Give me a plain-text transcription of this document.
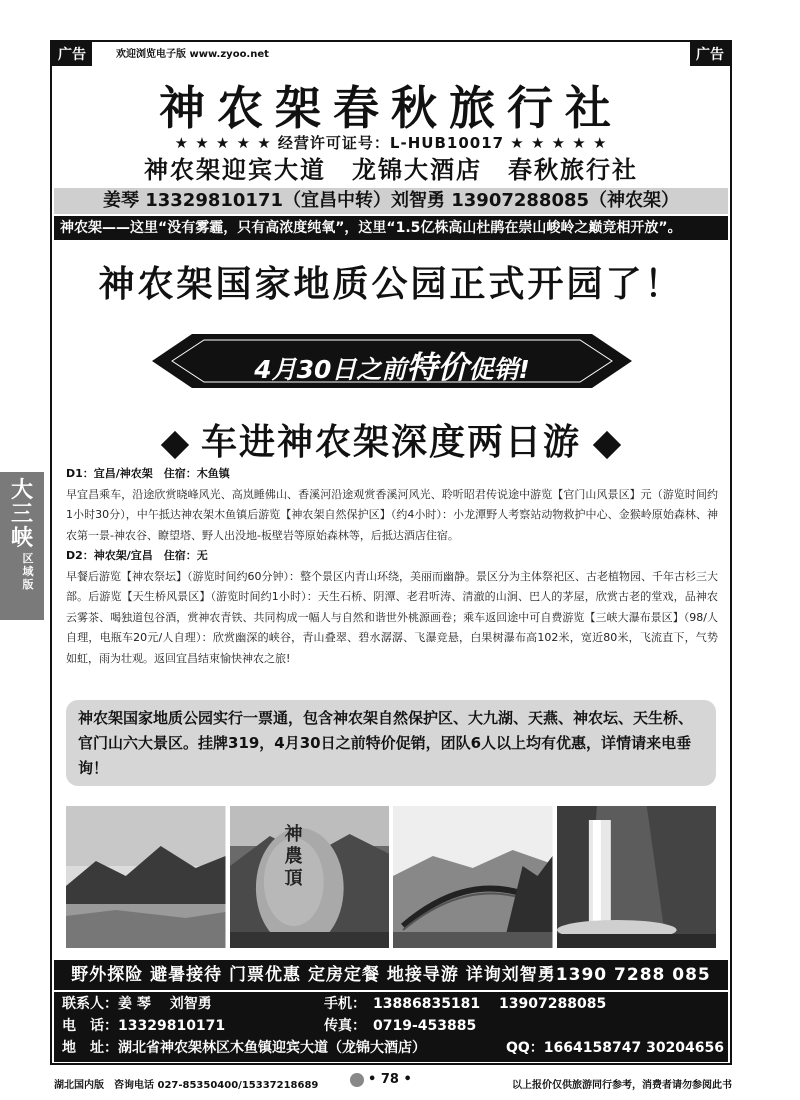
大三峡
区域版
广告	欢迎浏览电子版 www.zyoo.net	广告
神农架春秋旅行社
★ ★ ★ ★ ★ 经营许可证号：L-HUB10017 ★ ★ ★ ★ ★
神农架迎宾大道　龙锦大酒店　春秋旅行社
姜琴 13329810171（宜昌中转）刘智勇 13907288085（神农架）
神农架——这里“没有雾霾，只有高浓度纯氧”，这里“1.5亿株高山杜鹃在崇山峻岭之巅竞相开放”。
神农架国家地质公园正式开园了！
4月30日之前特价促销!
车进神农架深度两日游
D1：宜昌/神农架　住宿：木鱼镇
早宜昌乘车，沿途欣赏晓峰风光、高岚睡佛山、香溪河沿途观赏香溪河风光、聆听昭君传说途中游览【官门山风景区】元（游览时间约1小时30分），中午抵达神农架木鱼镇后游览【神农架自然保护区】（约4小时）：小龙潭野人考察站动物救护中心、金猴岭原始森林、神农第一景-神农谷、瞭望塔、野人出没地-板壁岩等原始森林等，后抵达酒店住宿。
D2：神农架/宜昌　住宿：无
早餐后游览【神农祭坛】（游览时间约60分钟）：整个景区内青山环绕，美丽而幽静。景区分为主体祭祀区、古老植物园、千年古杉三大部。后游览【天生桥风景区】（游览时间约1小时）：天生石桥、阴潭、老君听涛、清澈的山涧、巴人的茅屋，欣赏古老的堂戏，品神农云雾茶、喝独道包谷酒，赏神农青铁、共同构成一幅人与自然和谐世外桃源画卷；乘车返回途中可自费游览【三峡大瀑布景区】（98/人自理，电瓶车20元/人自理）：欣赏幽深的峡谷，青山叠翠、碧水潺潺、飞瀑竞悬，白果树瀑布高102米，宽近80米，飞流直下，气势如虹，雨为壮观。返回宜昌结束愉快神农之旅!
神农架国家地质公园实行一票通，包含神农架自然保护区、大九湖、天燕、神农坛、天生桥、官门山六大景区。挂牌319，4月30日之前特价促销，团队6人以上均有优惠，详情请来电垂询！
神農頂
野外探险 避暑接待 门票优惠 定房定餐 地接导游 详询刘智勇1390 7288 085
联系人：姜 琴　 刘智勇	手机：　13886835181　 13907288085
电　话：13329810171	传真：　0719-453885
地　址：湖北省神农架林区木鱼镇迎宾大道（龙锦大酒店）	QQ：1664158747 30204656
湖北国内版　咨询电话 027-85350400/15337218689	• 78 •	以上报价仅供旅游同行参考，消费者请勿参阅此书
